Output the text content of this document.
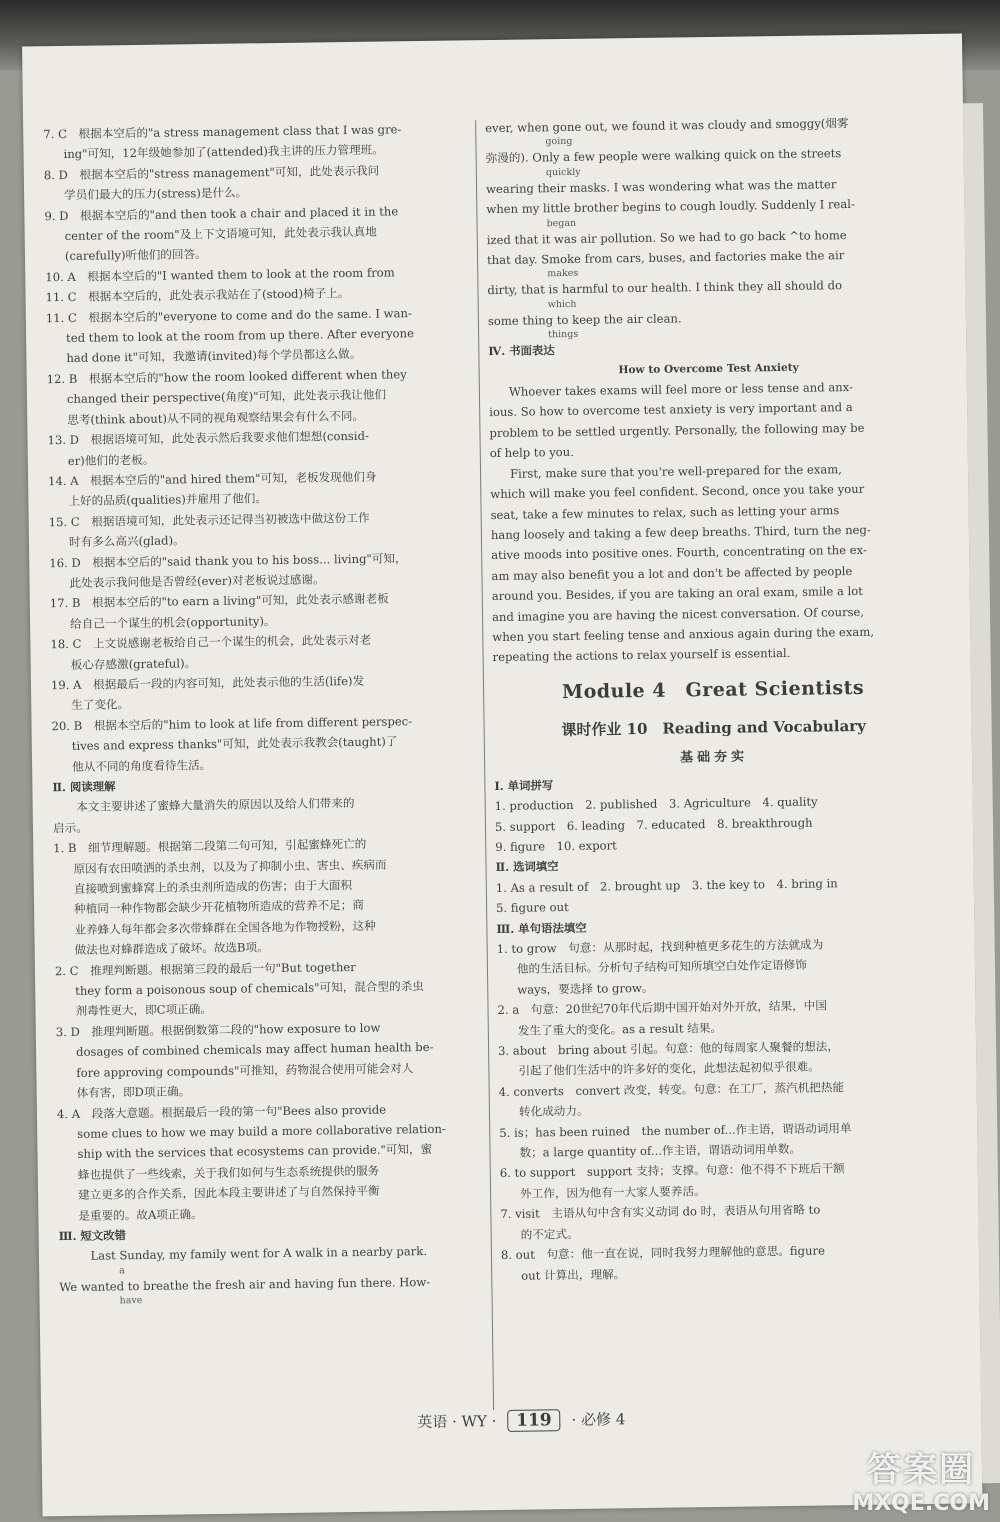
7. C　根据本空后的"a stress management class that I was gre-
ing"可知，12年级她参加了(attended)我主讲的压力管理班。
8. D　根据本空后的"stress management"可知，此处表示我问
学员们最大的压力(stress)是什么。
9. D　根据本空后的"and then took a chair and placed it in the
center of the room"及上下文语境可知，此处表示我认真地
(carefully)听他们的回答。
10. A　根据本空后的"I wanted them to look at the room from
11. C　根据本空后的，此处表示我站在了(stood)椅子上。
11. C　根据本空后的"everyone to come and do the same. I wan-
ted them to look at the room from up there. After everyone
had done it"可知，我邀请(invited)每个学员都这么做。
12. B　根据本空后的"how the room looked different when they
changed their perspective(角度)"可知，此处表示我让他们
思考(think about)从不同的视角观察结果会有什么不同。
13. D　根据语境可知，此处表示然后我要求他们想想(consid-
er)他们的老板。
14. A　根据本空后的"and hired them"可知，老板发现他们身
上好的品质(qualities)并雇用了他们。
15. C　根据语境可知，此处表示还记得当初被选中做这份工作
时有多么高兴(glad)。
16. D　根据本空后的"said thank you to his boss... living"可知，
此处表示我问他是否曾经(ever)对老板说过感谢。
17. B　根据本空后的"to earn a living"可知，此处表示感谢老板
给自己一个谋生的机会(opportunity)。
18. C　上文说感谢老板给自己一个谋生的机会，此处表示对老
板心存感激(grateful)。
19. A　根据最后一段的内容可知，此处表示他的生活(life)发
生了变化。
20. B　根据本空后的"him to look at life from different perspec-
tives and express thanks"可知，此处表示我教会(taught)了
他从不同的角度看待生活。
Ⅱ. 阅读理解
　本文主要讲述了蜜蜂大量消失的原因以及给人们带来的
启示。
1. B　细节理解题。根据第二段第二句可知，引起蜜蜂死亡的
原因有农田喷洒的杀虫剂，以及为了抑制小虫、害虫、疾病而
直接喷到蜜蜂窝上的杀虫剂所造成的伤害；由于大面积
种植同一种作物都会缺少开花植物所造成的营养不足；商
业养蜂人每年都会多次带蜂群在全国各地为作物授粉，这种
做法也对蜂群造成了破坏。故选B项。
2. C　推理判断题。根据第三段的最后一句"But together
they form a poisonous soup of chemicals"可知，混合型的杀虫
剂毒性更大，即C项正确。
3. D　推理判断题。根据倒数第二段的"how exposure to low
dosages of combined chemicals may affect human health be-
fore approving compounds"可推知，药物混合使用可能会对人
体有害，即D项正确。
4. A　段落大意题。根据最后一段的第一句"Bees also provide
some clues to how we may build a more collaborative relation-
ship with the services that ecosystems can provide."可知，蜜
蜂也提供了一些线索，关于我们如何与生态系统提供的服务
建立更多的合作关系，因此本段主要讲述了与自然保持平衡
是重要的。故A项正确。
Ⅲ. 短文改错
　Last Sunday, my family went for A walk in a nearby park.
a
We wanted to breathe the fresh air and having fun there. How-
have
ever, when gone out, we found it was cloudy and smoggy(烟雾
going
弥漫的). Only a few people were walking quick on the streets
quickly
wearing their masks. I was wondering what was the matter
when my little brother begins to cough loudly. Suddenly I real-
began
ized that it was air pollution. So we had to go back ^to home
that day. Smoke from cars, buses, and factories make the air
makes
dirty, that is harmful to our health. I think they all should do
which
some thing to keep the air clean.
things
Ⅳ. 书面表达
How to Overcome Test Anxiety
Whoever takes exams will feel more or less tense and anx-
ious. So how to overcome test anxiety is very important and a
problem to be settled urgently. Personally, the following may be
of help to you.
First, make sure that you're well-prepared for the exam,
which will make you feel confident. Second, once you take your
seat, take a few minutes to relax, such as letting your arms
hang loosely and taking a few deep breaths. Third, turn the neg-
ative moods into positive ones. Fourth, concentrating on the ex-
am may also benefit you a lot and don't be affected by people
around you. Besides, if you are taking an oral exam, smile a lot
and imagine you are having the nicest conversation. Of course,
when you start feeling tense and anxious again during the exam,
repeating the actions to relax yourself is essential.
Module 4　Great Scientists
课时作业 10　Reading and Vocabulary
基础夯实
Ⅰ. 单词拼写
1. production　2. published　3. Agriculture　4. quality
5. support　6. leading　7. educated　8. breakthrough
9. figure　10. export
Ⅱ. 选词填空
1. As a result of　2. brought up　3. the key to　4. bring in
5. figure out
Ⅲ. 单句语法填空
1. to grow　句意：从那时起，找到种植更多花生的方法就成为
他的生活目标。分析句子结构可知所填空白处作定语修饰
ways，要选择 to grow。
2. a　句意：20世纪70年代后期中国开始对外开放，结果，中国
发生了重大的变化。as a result 结果。
3. about　bring about 引起。句意：他的每周家人聚餐的想法，
引起了他们生活中的许多好的变化，此想法起初似乎很难。
4. converts　convert 改变，转变。句意：在工厂，蒸汽机把热能
转化成动力。
5. is；has been ruined　the number of...作主语，谓语动词用单
数；a large quantity of...作主语，谓语动词用单数。
6. to support　support 支持；支撑。句意：他不得不下班后干额
外工作，因为他有一大家人要养活。
7. visit　主语从句中含有实义动词 do 时，表语从句用省略 to
的不定式。
8. out　句意：他一直在说，同时我努力理解他的意思。figure
out 计算出，理解。
英语 · WY · 119 · 必修 4
答案圈
MXQE.COM
